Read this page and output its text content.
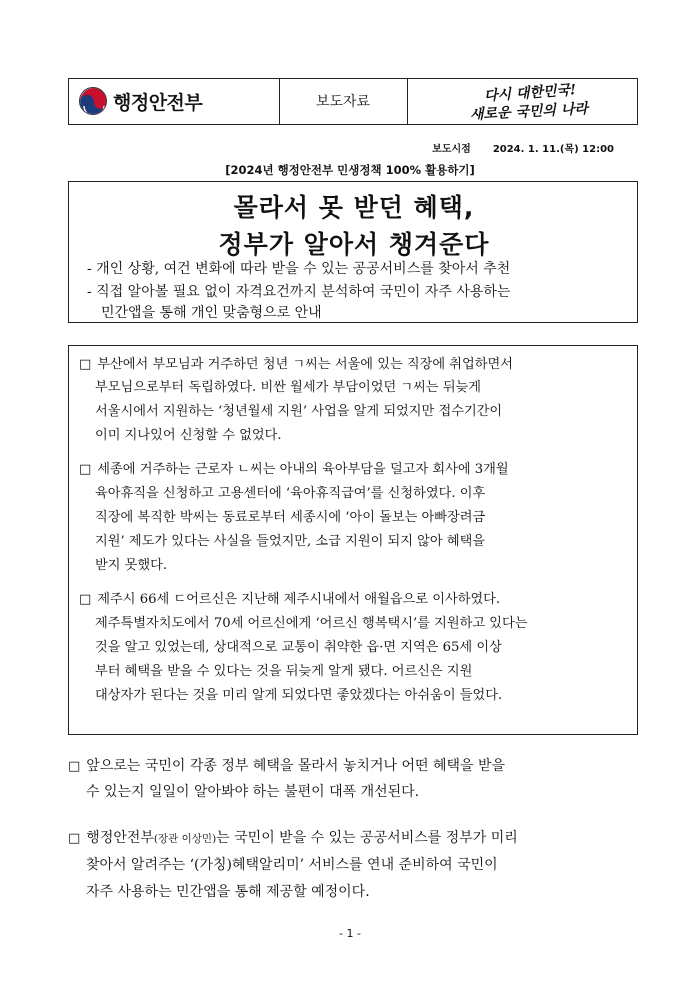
행정안전부	보도자료	다시 대한민국!
새로운 국민의 나라
보도시점 2024. 1. 11.(목) 12:00
[2024년 행정안전부 민생정책 100% 활용하기]
몰라서 못 받던 혜택,
정부가 알아서 챙겨준다
- 개인 상황, 여건 변화에 따라 받을 수 있는 공공서비스를 찾아서 추천
- 직접 알아볼 필요 없이 자격요건까지 분석하여 국민이 자주 사용하는
민간앱을 통해 개인 맞춤형으로 안내
□ 부산에서 부모님과 거주하던 청년 ㄱ씨는 서울에 있는 직장에 취업하면서
부모님으로부터 독립하였다. 비싼 월세가 부담이었던 ㄱ씨는 뒤늦게
서울시에서 지원하는 ‘청년월세 지원’ 사업을 알게 되었지만 접수기간이
이미 지나있어 신청할 수 없었다.
□ 세종에 거주하는 근로자 ㄴ씨는 아내의 육아부담을 덜고자 회사에 3개월
육아휴직을 신청하고 고용센터에 ‘육아휴직급여’를 신청하였다. 이후
직장에 복직한 박씨는 동료로부터 세종시에 ‘아이 돌보는 아빠장려금
지원’ 제도가 있다는 사실을 들었지만, 소급 지원이 되지 않아 혜택을
받지 못했다.
□ 제주시 66세 ㄷ어르신은 지난해 제주시내에서 애월읍으로 이사하였다.
제주특별자치도에서 70세 어르신에게 ‘어르신 행복택시’를 지원하고 있다는
것을 알고 있었는데, 상대적으로 교통이 취약한 읍·면 지역은 65세 이상
부터 혜택을 받을 수 있다는 것을 뒤늦게 알게 됐다. 어르신은 지원
대상자가 된다는 것을 미리 알게 되었다면 좋았겠다는 아쉬움이 들었다.
□ 앞으로는 국민이 각종 정부 혜택을 몰라서 놓치거나 어떤 혜택을 받을
수 있는지 일일이 알아봐야 하는 불편이 대폭 개선된다.
□ 행정안전부(장관 이상민)는 국민이 받을 수 있는 공공서비스를 정부가 미리
찾아서 알려주는 ‘(가칭)혜택알리미’ 서비스를 연내 준비하여 국민이
자주 사용하는 민간앱을 통해 제공할 예정이다.
- 1 -
